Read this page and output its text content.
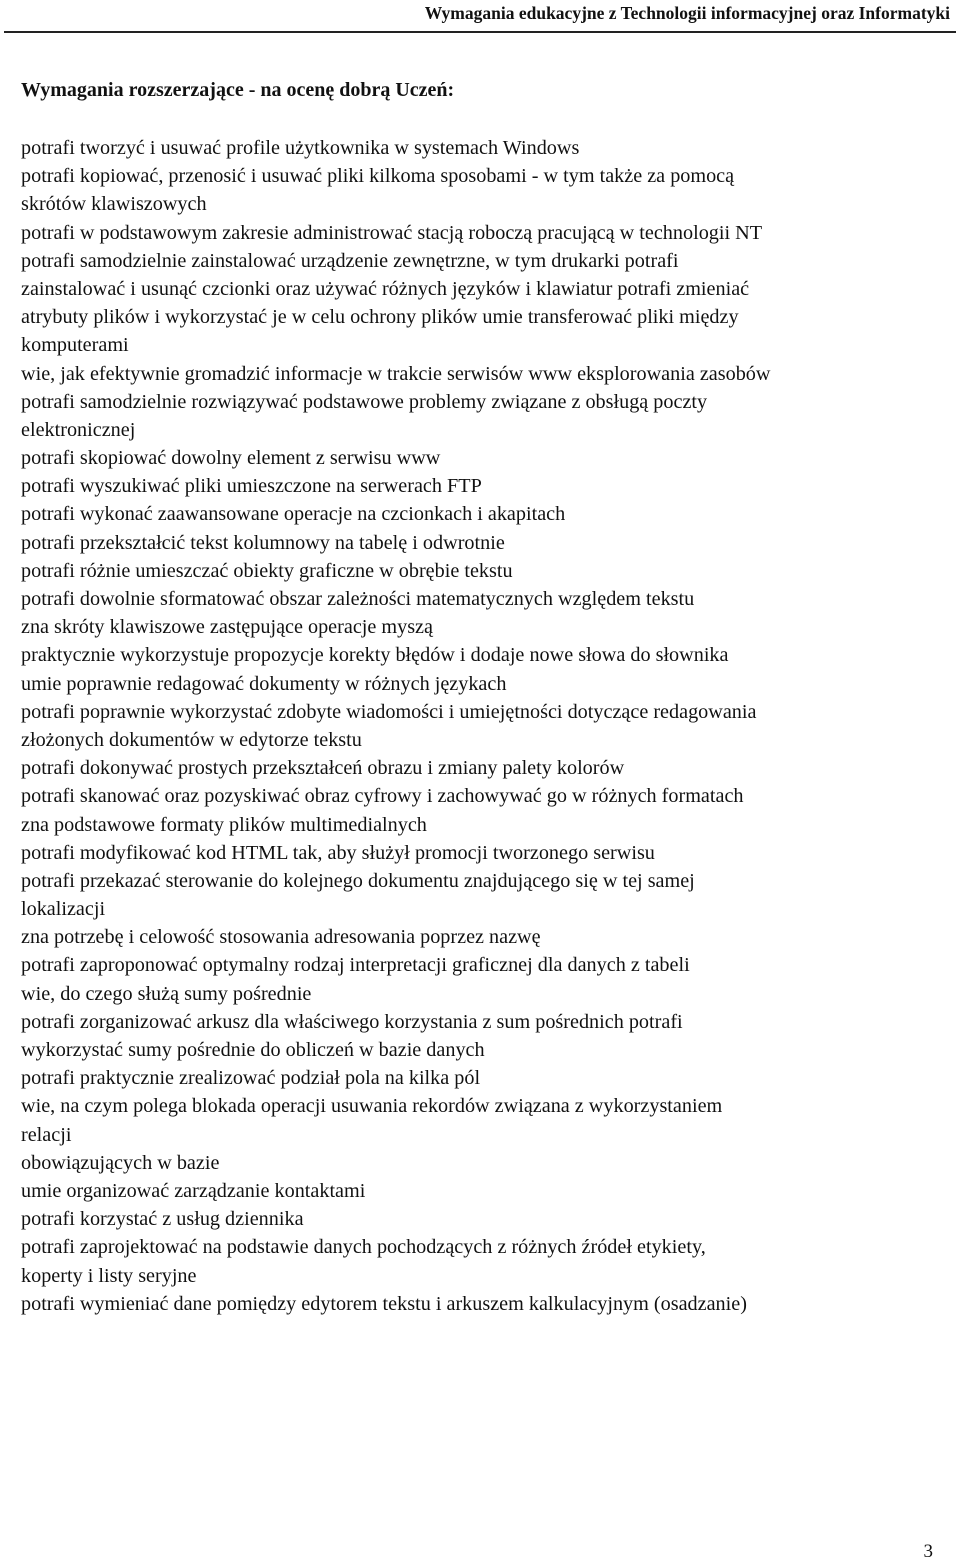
Wymagania edukacyjne z Technologii informacyjnej oraz Informatyki
Wymagania rozszerzające - na ocenę dobrą Uczeń:
potrafi tworzyć i usuwać profile użytkownika w systemach Windows
potrafi kopiować, przenosić i usuwać pliki kilkoma sposobami - w tym także za pomocą
skrótów klawiszowych
potrafi w podstawowym zakresie administrować stacją roboczą pracującą w technologii NT
potrafi samodzielnie zainstalować urządzenie zewnętrzne, w tym drukarki potrafi
zainstalować i usunąć czcionki oraz używać różnych języków i klawiatur potrafi zmieniać
atrybuty plików i wykorzystać je w celu ochrony plików umie transferować pliki między
komputerami
wie, jak efektywnie gromadzić informacje w trakcie serwisów www eksplorowania zasobów
potrafi samodzielnie rozwiązywać podstawowe problemy związane z obsługą poczty
elektronicznej
potrafi skopiować dowolny element z serwisu www
potrafi wyszukiwać pliki umieszczone na serwerach FTP
potrafi wykonać zaawansowane operacje na czcionkach i akapitach
potrafi przekształcić tekst kolumnowy na tabelę i odwrotnie
potrafi różnie umieszczać obiekty graficzne w obrębie tekstu
potrafi dowolnie sformatować obszar zależności matematycznych względem tekstu
zna skróty klawiszowe zastępujące operacje myszą
praktycznie wykorzystuje propozycje korekty błędów i dodaje nowe słowa do słownika
umie poprawnie redagować dokumenty w różnych językach
potrafi poprawnie wykorzystać zdobyte wiadomości i umiejętności dotyczące redagowania
złożonych dokumentów w edytorze tekstu
potrafi dokonywać prostych przekształceń obrazu i zmiany palety kolorów
potrafi skanować oraz pozyskiwać obraz cyfrowy i zachowywać go w różnych formatach
zna podstawowe formaty plików multimedialnych
potrafi modyfikować kod HTML tak, aby służył promocji tworzonego serwisu
potrafi przekazać sterowanie do kolejnego dokumentu znajdującego się w tej samej
lokalizacji
zna potrzebę i celowość stosowania adresowania poprzez nazwę
potrafi zaproponować optymalny rodzaj interpretacji graficznej dla danych z tabeli
wie, do czego służą sumy pośrednie
potrafi zorganizować arkusz dla właściwego korzystania z sum pośrednich potrafi
wykorzystać sumy pośrednie do obliczeń w bazie danych
potrafi praktycznie zrealizować podział pola na kilka pól
wie, na czym polega blokada operacji usuwania rekordów związana z wykorzystaniem
relacji
obowiązujących w bazie
umie organizować zarządzanie kontaktami
potrafi korzystać z usług dziennika
potrafi zaprojektować na podstawie danych pochodzących z różnych źródeł etykiety,
koperty i listy seryjne
potrafi wymieniać dane pomiędzy edytorem tekstu i arkuszem kalkulacyjnym (osadzanie)
3
